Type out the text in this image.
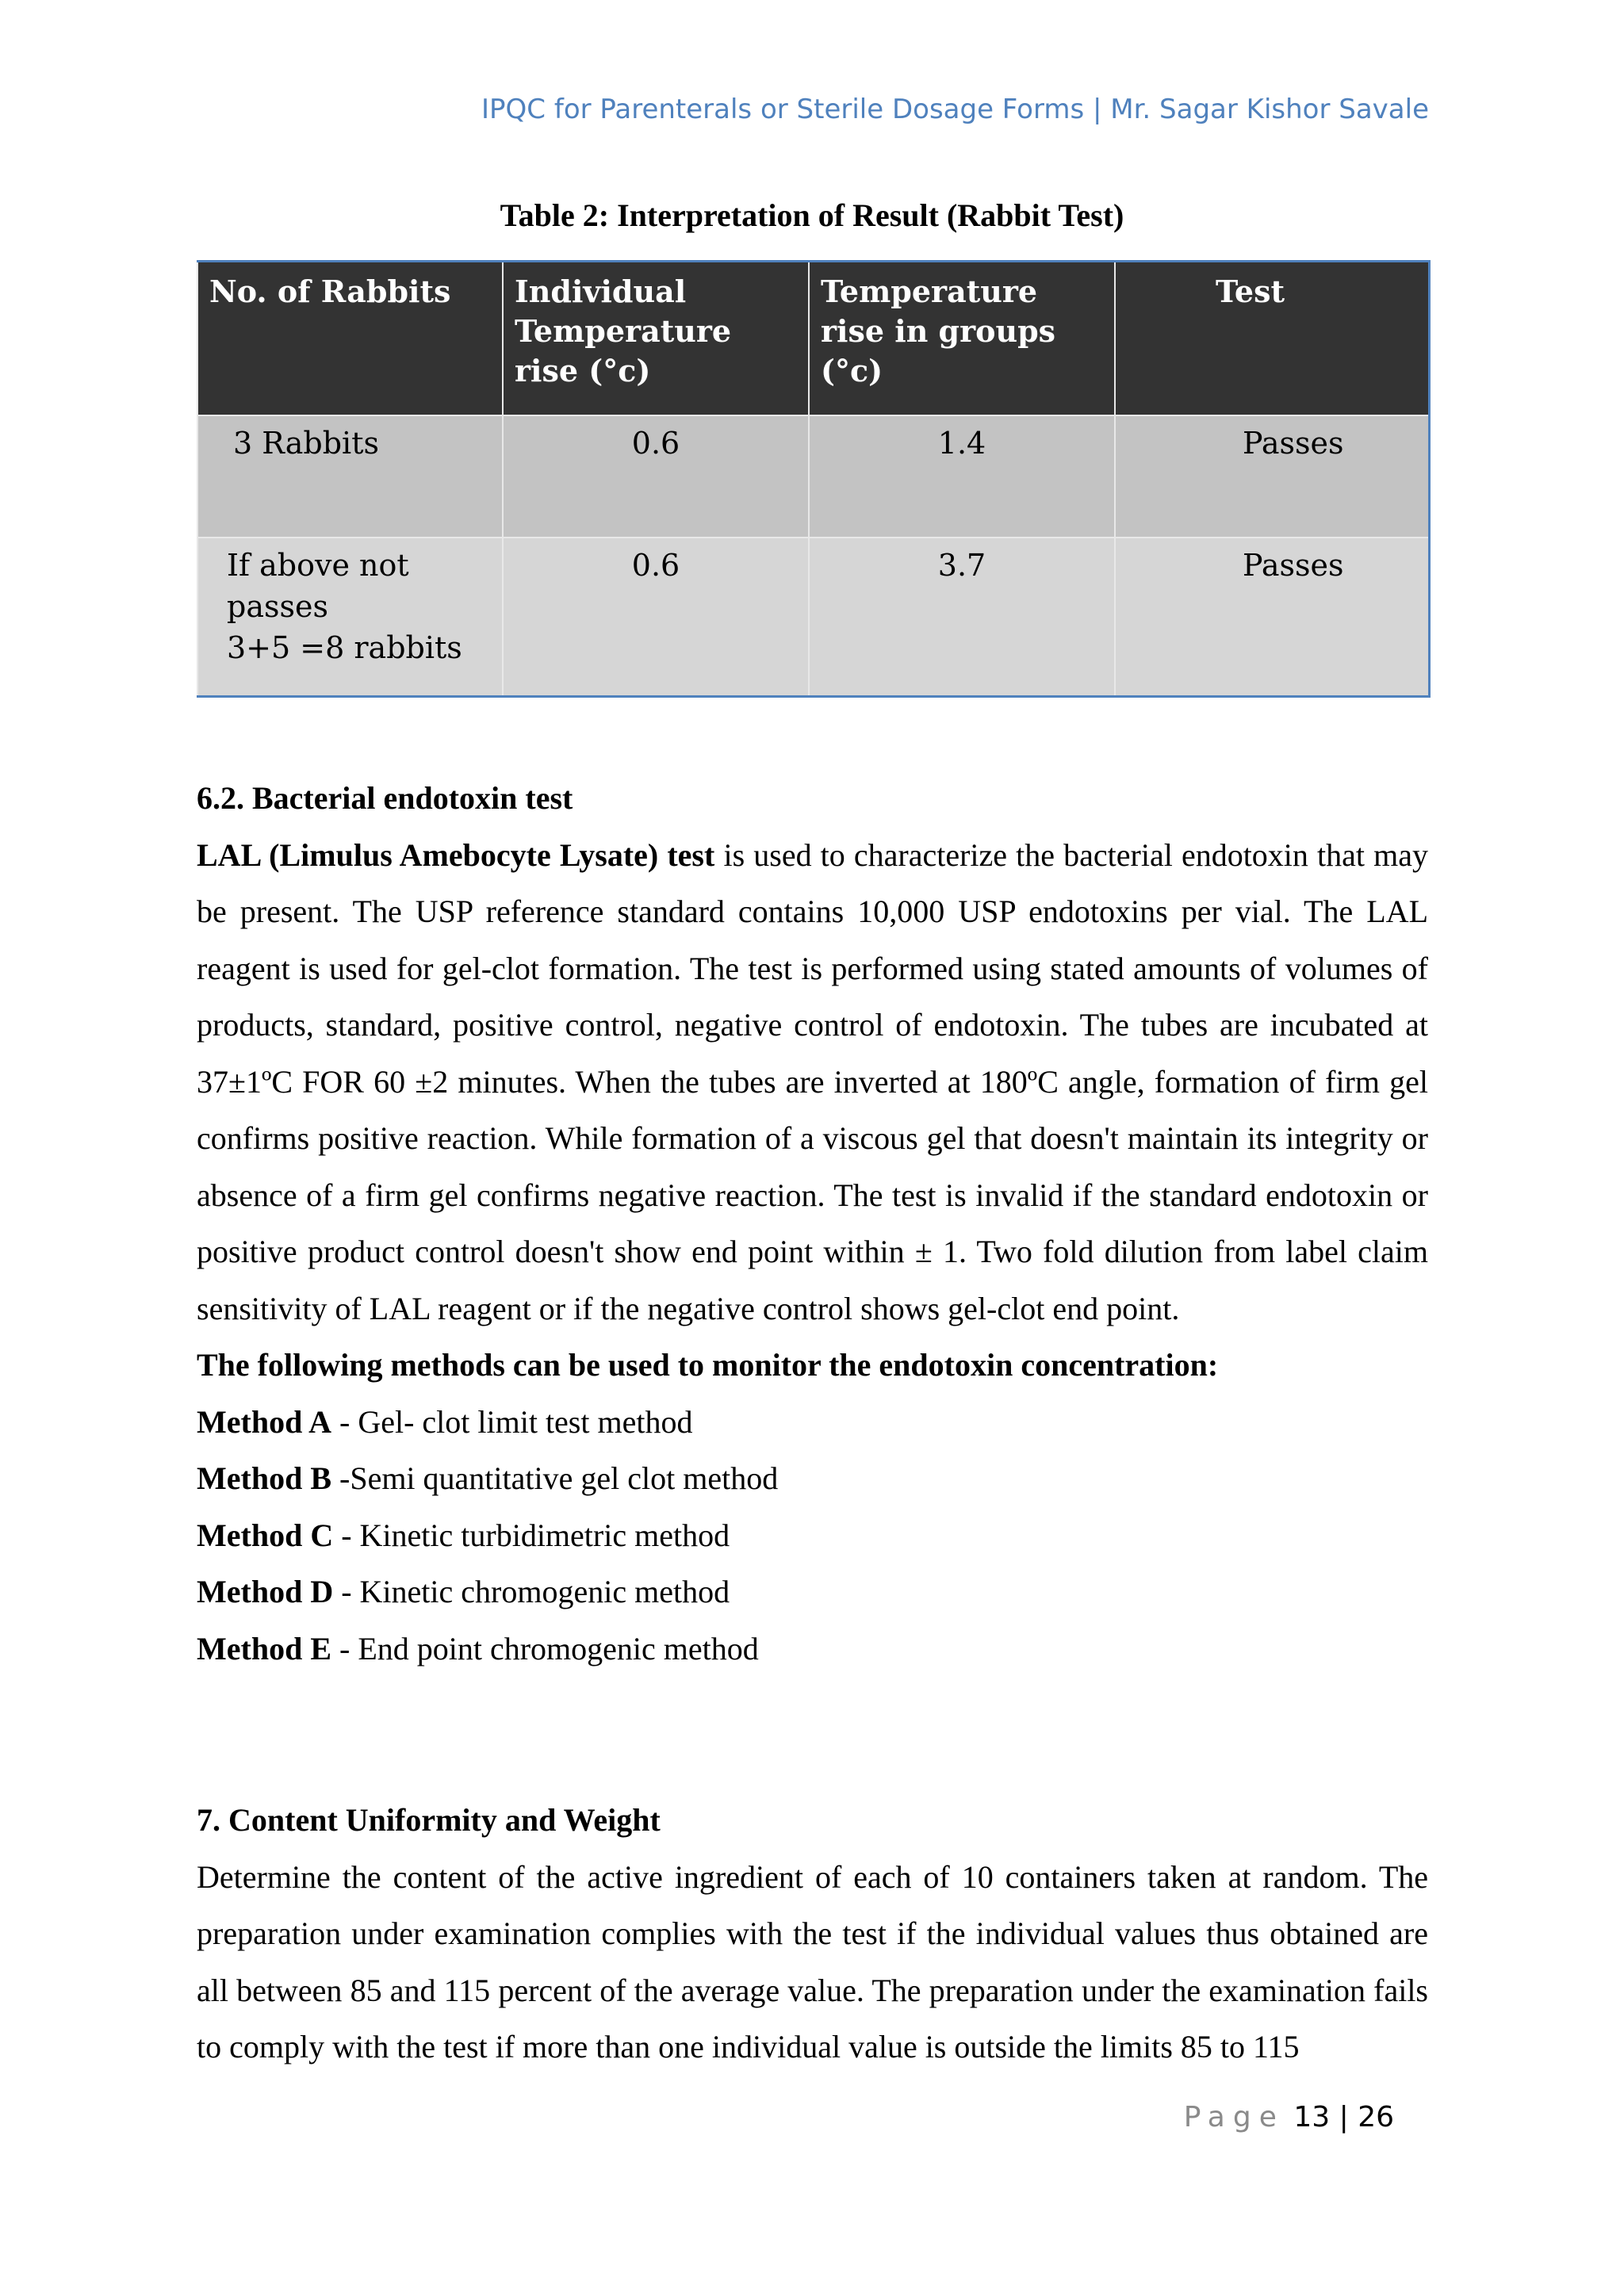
IPQC for Parenterals or Sterile Dosage Forms | Mr. Sagar Kishor Savale
Table 2: Interpretation of Result (Rabbit Test)
No. of Rabbits	Individual Temperature rise (°c)	Temperature rise in groups (°c)	Test
3 Rabbits	0.6	1.4	Passes

If above not passes
3+5 =8 rabbits	0.6	3.7	Passes

6.2. Bacterial endotoxin test

LAL (Limulus Amebocyte Lysate) test is used to characterize the bacterial endotoxin that may be present. The USP reference standard contains 10,000 USP endotoxins per vial. The LAL reagent is used for gel-clot formation. The test is performed using stated amounts of volumes of products, standard, positive control, negative control of endotoxin. The tubes are incubated at 37±1ºC FOR 60 ±2 minutes. When the tubes are inverted at 180ºC angle, formation of firm gel confirms positive reaction. While formation of a viscous gel that doesn't maintain its integrity or absence of a firm gel confirms negative reaction. The test is invalid if the standard endotoxin or positive product control doesn't show end point within ± 1. Two fold dilution from label claim sensitivity of LAL reagent or if the negative control shows gel-clot end point.

The following methods can be used to monitor the endotoxin concentration:

Method A - Gel- clot limit test method

Method B -Semi quantitative gel clot method

Method C - Kinetic turbidimetric method

Method D - Kinetic chromogenic method

Method E - End point chromogenic method

7. Content Uniformity and Weight

Determine the content of the active ingredient of each of 10 containers taken at random. The preparation under examination complies with the test if the individual values thus obtained are all between 85 and 115 percent of the average value. The preparation under the examination fails to comply with the test if more than one individual value is outside the limits 85 to 115

Page 13 | 26
